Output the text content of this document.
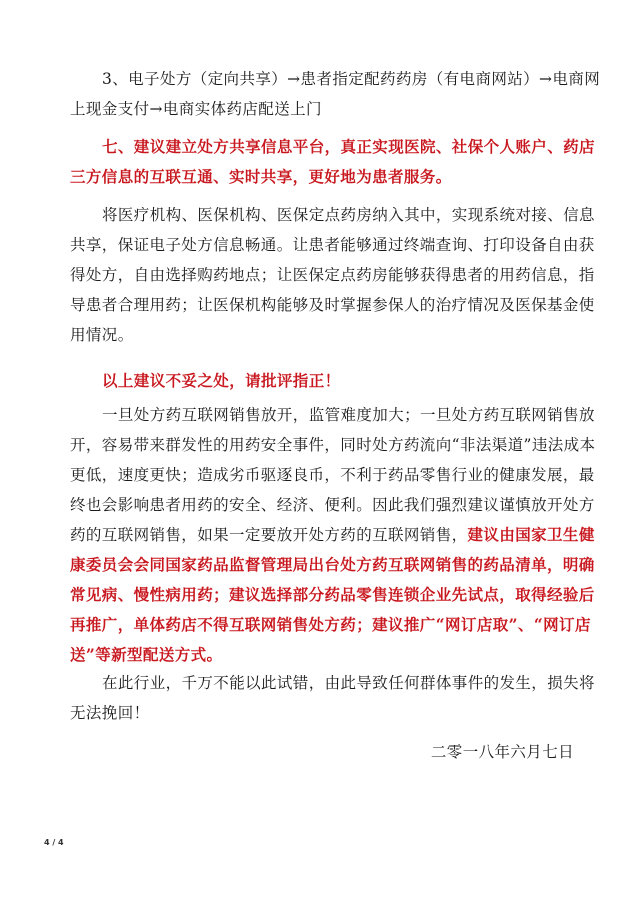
3、电子处方（定向共享）→患者指定配药药房（有电商网站）→电商网上现金支付→电商实体药店配送上门

七、建议建立处方共享信息平台，真正实现医院、社保个人账户、药店三方信息的互联互通、实时共享，更好地为患者服务。

将医疗机构、医保机构、医保定点药房纳入其中，实现系统对接、信息共享，保证电子处方信息畅通。让患者能够通过终端查询、打印设备自由获得处方，自由选择购药地点；让医保定点药房能够获得患者的用药信息，指导患者合理用药；让医保机构能够及时掌握参保人的治疗情况及医保基金使用情况。

以上建议不妥之处，请批评指正！

一旦处方药互联网销售放开，监管难度加大；一旦处方药互联网销售放开，容易带来群发性的用药安全事件，同时处方药流向“非法渠道”违法成本更低，速度更快；造成劣币驱逐良币，不利于药品零售行业的健康发展，最终也会影响患者用药的安全、经济、便利。因此我们强烈建议谨慎放开处方药的互联网销售，如果一定要放开处方药的互联网销售，建议由国家卫生健康委员会会同国家药品监督管理局出台处方药互联网销售的药品清单，明确常见病、慢性病用药；建议选择部分药品零售连锁企业先试点，取得经验后再推广，单体药店不得互联网销售处方药；建议推广“网订店取”、“网订店送”等新型配送方式。

在此行业，千万不能以此试错，由此导致任何群体事件的发生，损失将无法挽回！

二零一八年六月七日
4 / 4
